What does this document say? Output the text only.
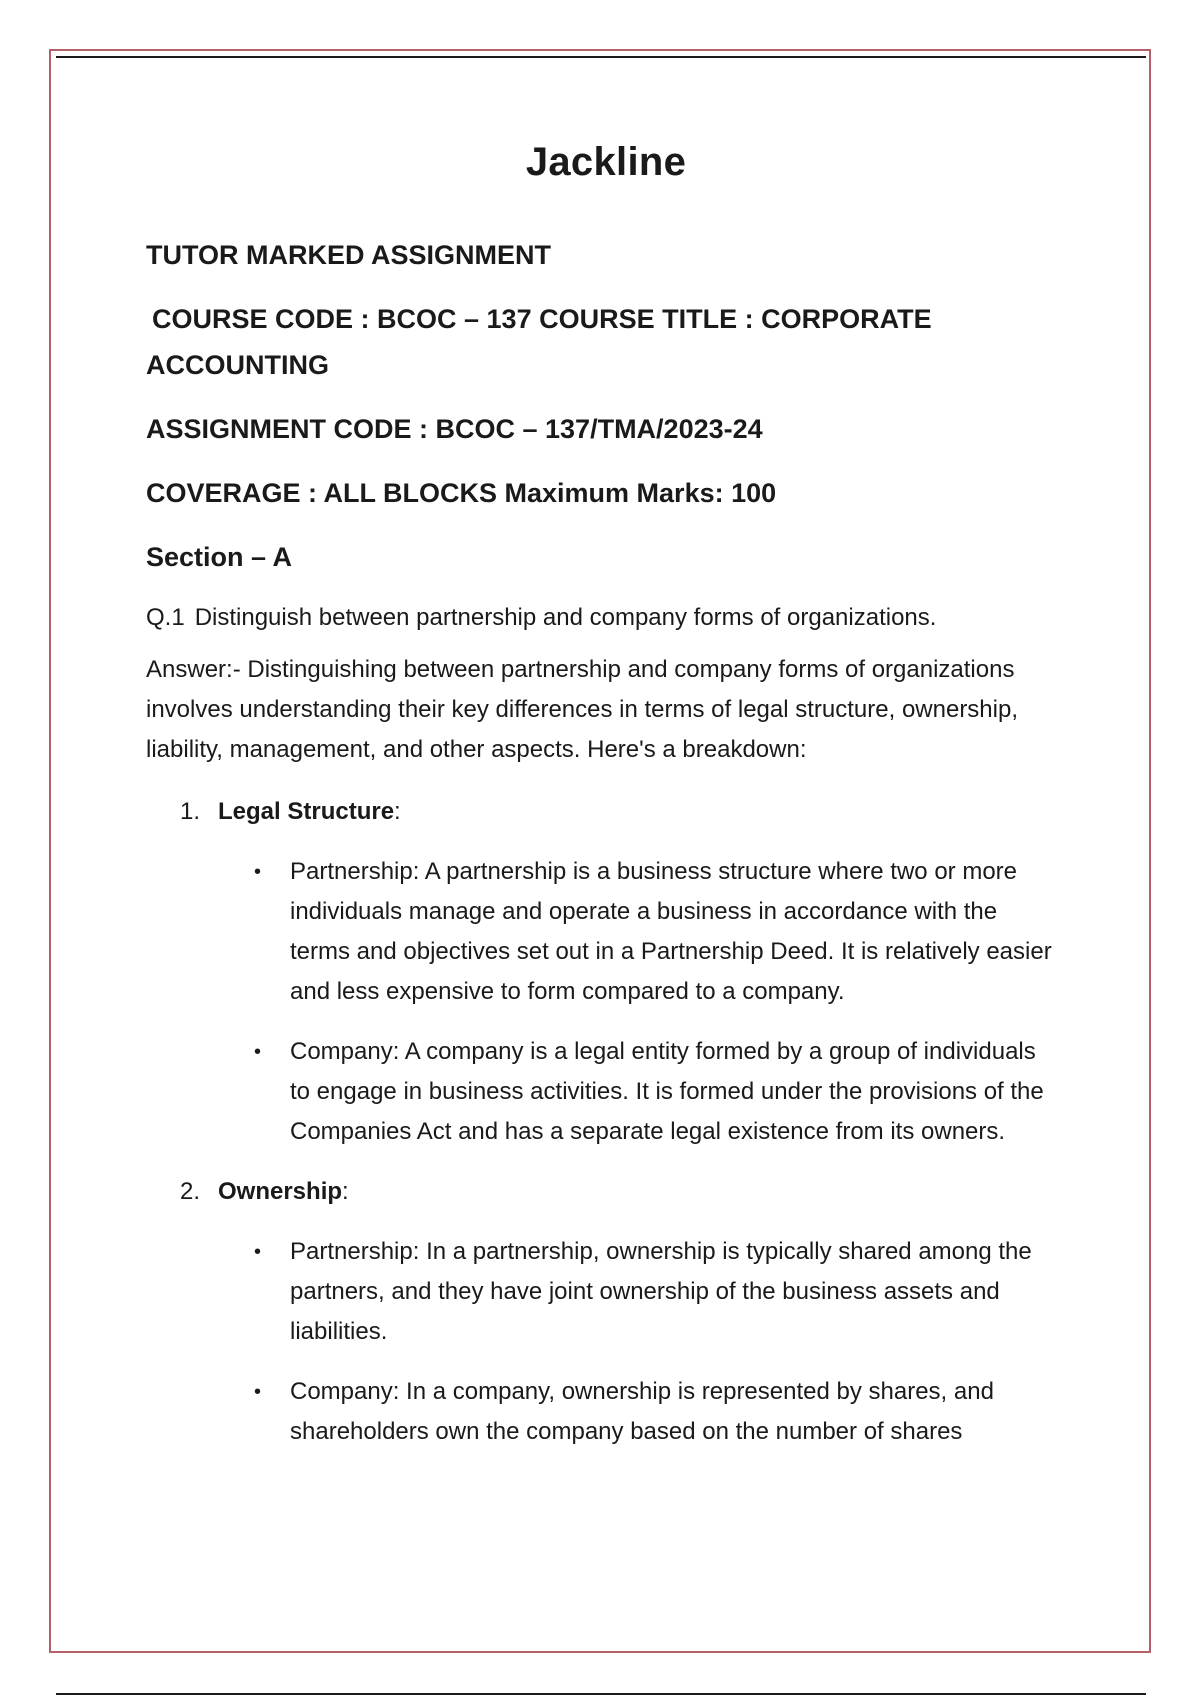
Jackline
TUTOR MARKED ASSIGNMENT
COURSE CODE : BCOC – 137 COURSE TITLE : CORPORATE ACCOUNTING
ASSIGNMENT CODE : BCOC – 137/TMA/2023-24
COVERAGE : ALL BLOCKS Maximum Marks: 100
Section – A
Q.1 Distinguish between partnership and company forms of organizations.
Answer:- Distinguishing between partnership and company forms of organizations involves understanding their key differences in terms of legal structure, ownership, liability, management, and other aspects. Here's a breakdown:
1. Legal Structure:
• Partnership: A partnership is a business structure where two or more individuals manage and operate a business in accordance with the terms and objectives set out in a Partnership Deed. It is relatively easier and less expensive to form compared to a company.
• Company: A company is a legal entity formed by a group of individuals to engage in business activities. It is formed under the provisions of the Companies Act and has a separate legal existence from its owners.
2. Ownership:
• Partnership: In a partnership, ownership is typically shared among the partners, and they have joint ownership of the business assets and liabilities.
• Company: In a company, ownership is represented by shares, and shareholders own the company based on the number of shares
